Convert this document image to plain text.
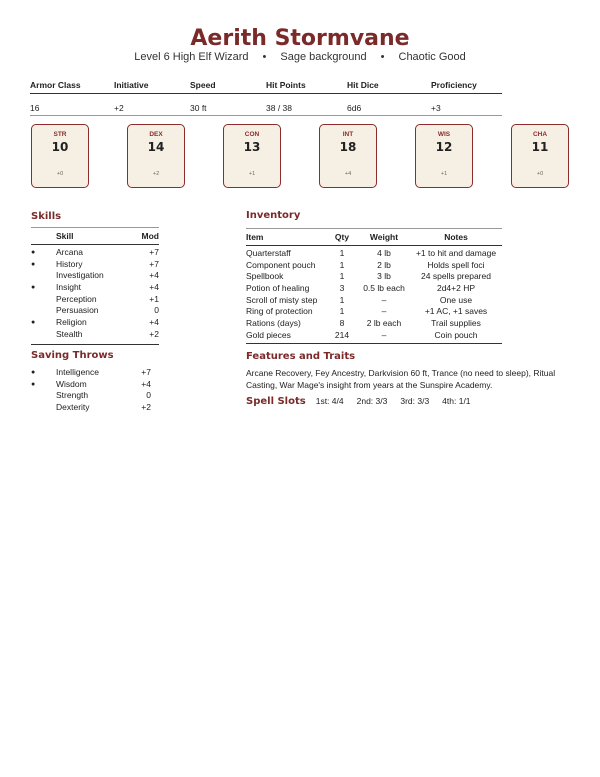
Aerith Stormvane
Level 6 High Elf Wizard • Sage background • Chaotic Good
Armor Class	Initiative	Speed	Hit Points	Hit Dice	Proficiency
16	+2	30 ft	38 / 38	6d6	+3
STR
10
+0
DEX
14
+2
CON
13
+1
INT
18
+4
WIS
12
+1
CHA
11
+0
Skills
Skill	Mod
●	Arcana	+7
●	History	+7
Investigation	+4
●	Insight	+4
Perception	+1
Persuasion	0
●	Religion	+4
Stealth	+2
Saving Throws
●	Intelligence	+7
●	Wisdom	+4
Strength	0
Dexterity	+2
Inventory
Item	Qty	Weight	Notes
Quarterstaff	1	4 lb	+1 to hit and damage
Component pouch	1	2 lb	Holds spell foci
Spellbook	1	3 lb	24 spells prepared
Potion of healing	3	0.5 lb each	2d4+2 HP
Scroll of misty step	1	–	One use
Ring of protection	1	–	+1 AC, +1 saves
Rations (days)	8	2 lb each	Trail supplies
Gold pieces	214	–	Coin pouch
Features and Traits

Arcane Recovery, Fey Ancestry, Darkvision 60 ft, Trance (no need to sleep), Ritual Casting, War Mage's insight from years at the Sunspire Academy.

Spell Slots 1st: 4/4 2nd: 3/3 3rd: 3/3 4th: 1/1
